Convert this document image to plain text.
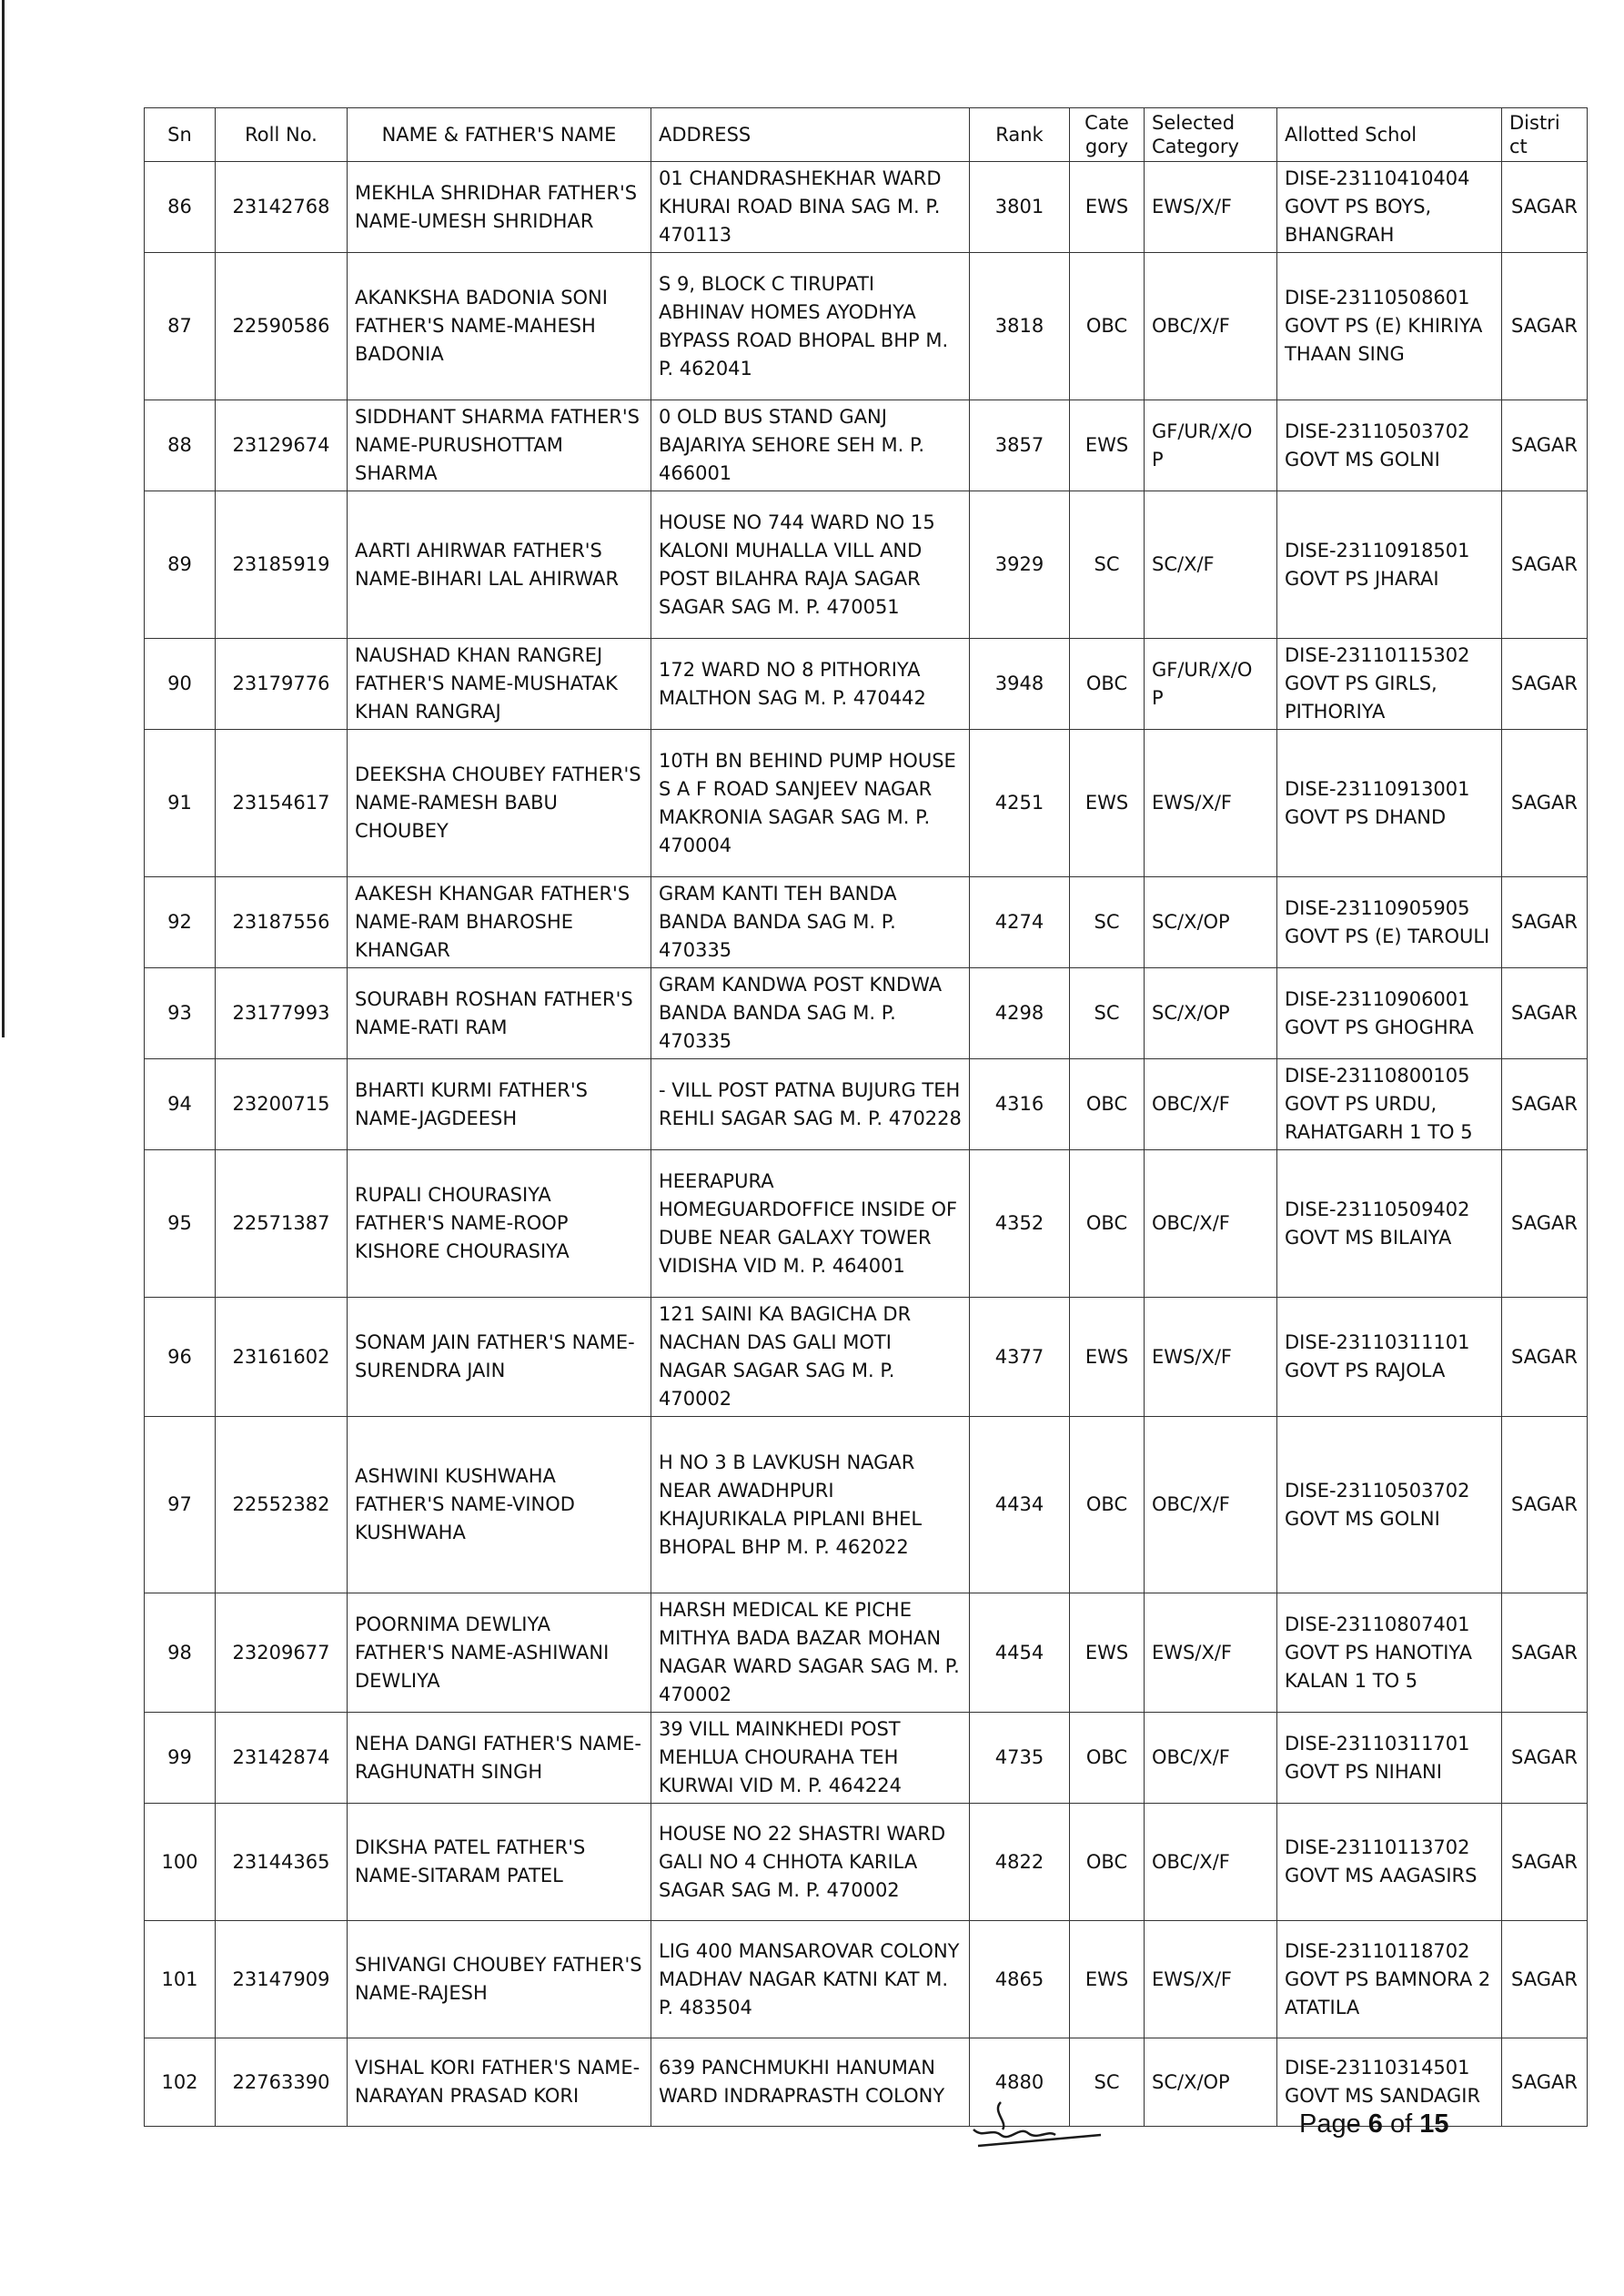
Sn	Roll No.	NAME & FATHER'S NAME	ADDRESS	Rank	Cate gory	Selected Category	Allotted Schol	Distri ct
86	23142768	MEKHLA SHRIDHAR FATHER'S NAME-UMESH SHRIDHAR	01 CHANDRASHEKHAR WARD KHURAI ROAD BINA SAG M. P. 470113	3801	EWS	EWS/X/F	DISE-23110410404 GOVT PS BOYS, BHANGRAH	SAGAR
87	22590586	AKANKSHA BADONIA SONI FATHER'S NAME-MAHESH BADONIA	S 9, BLOCK C TIRUPATI ABHINAV HOMES AYODHYA BYPASS ROAD BHOPAL BHP M. P. 462041	3818	OBC	OBC/X/F	DISE-23110508601 GOVT PS (E) KHIRIYA THAAN SING	SAGAR
88	23129674	SIDDHANT SHARMA FATHER'S NAME-PURUSHOTTAM SHARMA	0 OLD BUS STAND GANJ BAJARIYA SEHORE SEH M. P. 466001	3857	EWS	GF/UR/X/O P	DISE-23110503702 GOVT MS GOLNI	SAGAR
89	23185919	AARTI AHIRWAR FATHER'S NAME-BIHARI LAL AHIRWAR	HOUSE NO 744 WARD NO 15 KALONI MUHALLA VILL AND POST BILAHRA RAJA SAGAR SAGAR SAG M. P. 470051	3929	SC	SC/X/F	DISE-23110918501 GOVT PS JHARAI	SAGAR
90	23179776	NAUSHAD KHAN RANGREJ FATHER'S NAME-MUSHATAK KHAN RANGRAJ	172 WARD NO 8 PITHORIYA MALTHON SAG M. P. 470442	3948	OBC	GF/UR/X/O P	DISE-23110115302 GOVT PS GIRLS, PITHORIYA	SAGAR
91	23154617	DEEKSHA CHOUBEY FATHER'S NAME-RAMESH BABU CHOUBEY	10TH BN BEHIND PUMP HOUSE S A F ROAD SANJEEV NAGAR MAKRONIA SAGAR SAG M. P. 470004	4251	EWS	EWS/X/F	DISE-23110913001 GOVT PS DHAND	SAGAR
92	23187556	AAKESH KHANGAR FATHER'S NAME-RAM BHAROSHE KHANGAR	GRAM KANTI TEH BANDA BANDA BANDA SAG M. P. 470335	4274	SC	SC/X/OP	DISE-23110905905 GOVT PS (E) TAROULI	SAGAR
93	23177993	SOURABH ROSHAN FATHER'S NAME-RATI RAM	GRAM KANDWA POST KNDWA BANDA BANDA SAG M. P. 470335	4298	SC	SC/X/OP	DISE-23110906001 GOVT PS GHOGHRA	SAGAR
94	23200715	BHARTI KURMI FATHER'S NAME-JAGDEESH	- VILL POST PATNA BUJURG TEH REHLI SAGAR SAG M. P. 470228	4316	OBC	OBC/X/F	DISE-23110800105 GOVT PS URDU, RAHATGARH 1 TO 5	SAGAR
95	22571387	RUPALI CHOURASIYA FATHER'S NAME-ROOP KISHORE CHOURASIYA	HEERAPURA HOMEGUARDOFFICE INSIDE OF DUBE NEAR GALAXY TOWER VIDISHA VID M. P. 464001	4352	OBC	OBC/X/F	DISE-23110509402 GOVT MS BILAIYA	SAGAR
96	23161602	SONAM JAIN FATHER'S NAME-SURENDRA JAIN	121 SAINI KA BAGICHA DR NACHAN DAS GALI MOTI NAGAR SAGAR SAG M. P. 470002	4377	EWS	EWS/X/F	DISE-23110311101 GOVT PS RAJOLA	SAGAR
97	22552382	ASHWINI KUSHWAHA FATHER'S NAME-VINOD KUSHWAHA	H NO 3 B LAVKUSH NAGAR NEAR AWADHPURI KHAJURIKALA PIPLANI BHEL BHOPAL BHP M. P. 462022	4434	OBC	OBC/X/F	DISE-23110503702 GOVT MS GOLNI	SAGAR
98	23209677	POORNIMA DEWLIYA FATHER'S NAME-ASHIWANI DEWLIYA	HARSH MEDICAL KE PICHE MITHYA BADA BAZAR MOHAN NAGAR WARD SAGAR SAG M. P. 470002	4454	EWS	EWS/X/F	DISE-23110807401 GOVT PS HANOTIYA KALAN 1 TO 5	SAGAR
99	23142874	NEHA DANGI FATHER'S NAME-RAGHUNATH SINGH	39 VILL MAINKHEDI POST MEHLUA CHOURAHA TEH KURWAI VID M. P. 464224	4735	OBC	OBC/X/F	DISE-23110311701 GOVT PS NIHANI	SAGAR
100	23144365	DIKSHA PATEL FATHER'S NAME-SITARAM PATEL	HOUSE NO 22 SHASTRI WARD GALI NO 4 CHHOTA KARILA SAGAR SAG M. P. 470002	4822	OBC	OBC/X/F	DISE-23110113702 GOVT MS AAGASIRS	SAGAR
101	23147909	SHIVANGI CHOUBEY FATHER'S NAME-RAJESH	LIG 400 MANSAROVAR COLONY MADHAV NAGAR KATNI KAT M. P. 483504	4865	EWS	EWS/X/F	DISE-23110118702 GOVT PS BAMNORA 2 ATATILA	SAGAR
102	22763390	VISHAL KORI FATHER'S NAME-NARAYAN PRASAD KORI	639 PANCHMUKHI HANUMAN WARD INDRAPRASTH COLONY	4880	SC	SC/X/OP	DISE-23110314501 GOVT MS SANDAGIR	SAGAR
Page 6 of 15
